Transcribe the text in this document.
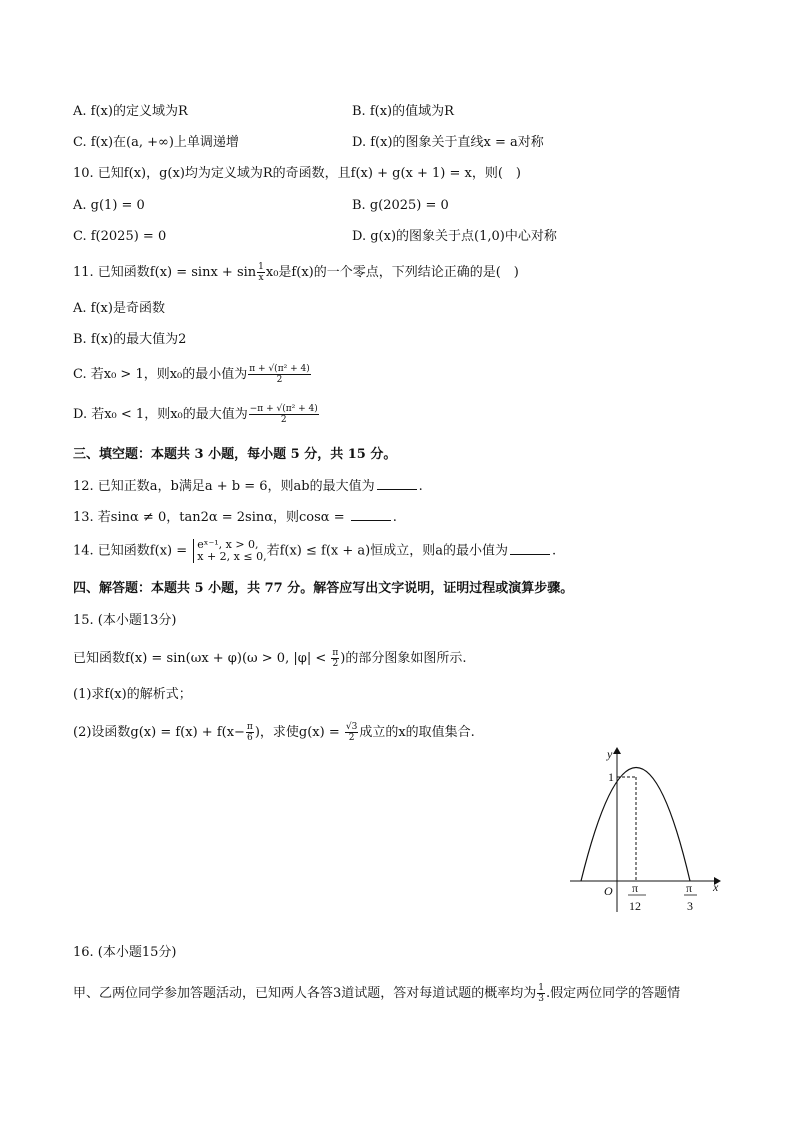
A. f(x)的定义域为R	B. f(x)的值域为R
C. f(x)在(a, +∞)上单调递增	D. f(x)的图象关于直线x = a对称
10. 已知f(x)，g(x)均为定义域为R的奇函数，且f(x) + g(x + 1) = x，则(　)
A. g(1) = 0	B. g(2025) = 0
C. f(2025) = 0	D. g(x)的图象关于点(1,0)中心对称
11. 已知函数$f(x) = \sin x + \sin \frac{1}{x} x_0$是f(x)的一个零点，下列结论正确的是(　)
A. f(x)是奇函数
B. f(x)的最大值为2
C. 若x₀ > 1，则x₀的最小值为 $\frac{\text{π + √(π² + 4)}}{2}$
D. 若x₀ < 1，则x₀的最大值为 $\frac{\text{−π + √(π² + 4)}}{2}$
三、填空题：本题共 3 小题，每小题 5 分，共 15 分。
12. 已知正数a，b满足a + b = 6，则ab的最大值为	.
13. 若sinα ≠ 0，tan2α = 2sinα，则cosα =	.
14. 已知函数f(x) = eˣ⁻¹, x > 0,
x + 2, x ≤ 0, 若f(x) ≤ f(x + a)恒成立，则a的最小值为	.
四、解答题：本题共 5 小题，共 77 分。解答应写出文字说明，证明过程或演算步骤。
15. (本小题13分)
已知函数f(x) = sin(ωx + φ)(ω > 0, $|\varphi| < \frac{\pi}{2}$ )的部分图象如图所示.
(1)求f(x)的解析式；
(2)设函数$g(x) = f(x) + f(x- \frac{\pi}{6}$ )，求使$g(x) = \frac{√3}{2}$ 成立的x的取值集合.
y
x
O
1
π
12
π
3
16. (本小题15分)
甲、乙两位同学参加答题活动，已知两人各答3道试题，答对每道试题的概率均为 $\frac{1}{3}$ .假定两位同学的答题情
